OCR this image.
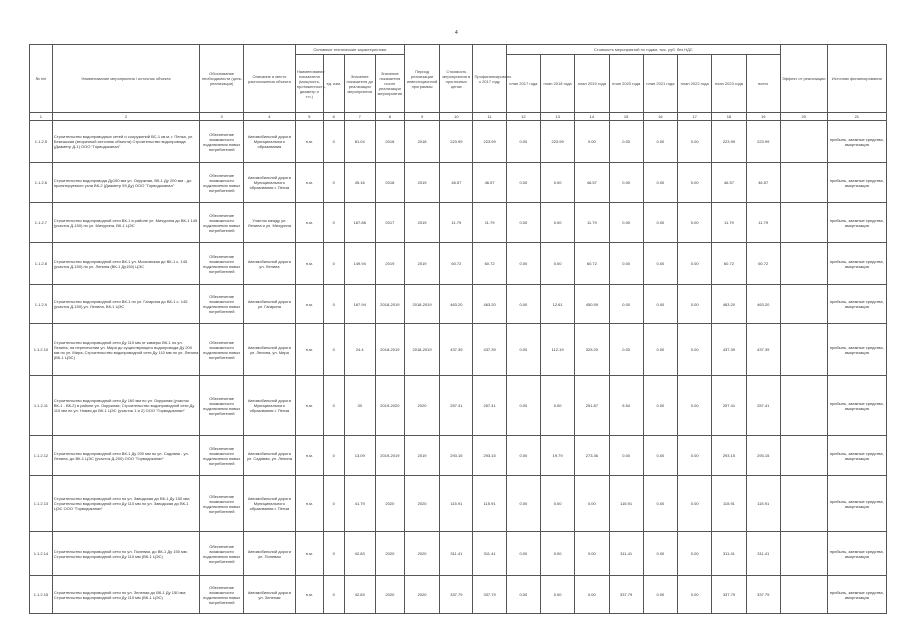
4
№ п/п	Наименование мероприятия / источник объекта	Обоснование необходимости (цель реализации)	Описание и место расположения объекта	Основные технические характеристики				Период реализации инвестиционной программы	Стоимость мероприятия в прогнозных ценах	Профинансировано к 2017 году	Стоимость мероприятий по годам, тыс. руб. без НДС								Эффект от реализации	Источник финансирования
				Наименование показателя (мощность, протяженность, диаметр и т.п.)	ед. изм.	Значение показателя до реализации мероприятия	Значение показателя после реализации мероприятия				план 2017 года	план 2018 года	план 2019 года	план 2020 года	план 2021 года	план 2022 года	план 2023 года	всего		
1	2	3	4	5	6	7	8	9	10	11	12	13	14	15	16	17	18	19	20	21
1.1.2.5	Строительство водопроводных сетей и сооружений ВС-1 кв.м, г. Пенза, ул. Бекешская (вторичный источник объекта) Строительство водопровода (Диаметр Д-1) ООО "Горводоканал"	Обеспечение возможности подключения новых потребителей	Автомобильной дороги Муниципального образования	п.м.	0	81.04	2018	2018	223.99	223.99	0.00	223.99	0.00	0.00	0.00	0.00	223.99	223.99		прибыль, заемные средства, амортизация
1.1.2.6	Строительство водопровода Ду150 мм ул. Окружная, ВК-1 Ду 200 мм - до проектируемого узла ВК-2 (Диаметр 59 Ду) ООО "Горводоканал"	Обеспечение возможности подключения новых потребителей	Автомобильной дороги Муниципального образования г. Пенза	п.м.	0	45.16	2018	2019	46.57	46.57	0.00	0.00	46.57	0.00	0.00	0.00	46.57	46.57		прибыль, заемные средства, амортизация
1.1.2.7	Строительство водопроводной сети ВК-1 в районе ул. Мичурина до ВК-1 145 (участок Д-150) по ул. Мичурина, ВК-1 ЦЭС	Обеспечение возможности подключения новых потребителей	Участок между ул. Ленина и ул. Мичурина	п.м.	0	167.88	2017	2019	11.79	11.79	0.00	0.00	11.79	0.00	0.00	0.00	11.79	11.79		прибыль, заемные средства, амортизация
1.1.2.8	Строительство водопроводной сети ВК-1 ул. Московская до ВК-1 с. 145 (участок Д-150) по ул. Ленина (ВК-1 Ду150) ЦЭС	Обеспечение возможности подключения новых потребителей	Автомобильной дороги ул. Ленина	п.м.	0	149.94	2019	2019	60.72	60.72	0.00	0.00	60.72	0.00	0.00	0.00	60.72	60.72		прибыль, заемные средства, амортизация
1.1.2.9	Строительство водопроводной сети ВК-1 по ул. Гагарина до ВК-1 с. 145 (участок Д-150) ул. Ленина, ВК-1 ЦЭС	Обеспечение возможности подключения новых потребителей	Автомобильной дороги ул. Гагарина	п.м.	0	167.94	2018-2019	2018-2019	463.20	463.20	0.00	12.61	450.59	0.00	0.00	0.00	463.20	463.20		прибыль, заемные средства, амортизация
1.1.2.10	Строительство водопроводной сети Ду 110 мм от камеры ВК-1 по ул. Ленина, на пересечении ул. Мира до существующего водопровода Ду 200 мм по ул. Мира; Строительство водопроводной сети Ду 110 мм по ул. Ленина (ВК-1 ЦЭС)	Обеспечение возможности подключения новых потребителей	Автомобильной дороги ул. Ленина, ул. Мира	п.м.	0	24.4	2018-2019	2018-2019	437.39	437.39	0.00	112.19	325.20	0.00	0.00	0.00	437.39	437.39		прибыль, заемные средства, амортизация
1.1.2.11	Строительство водопроводной сети Ду 160 мм по ул. Окружная (участок ВК-1 - ВК-2) в районе ул. Окружная; Строительство водопроводной сети Ду 110 мм по ул. Новая до ВК-1 ЦЭС (участок 1 и 2) ООО "Горводоканал"	Обеспечение возможности подключения новых потребителей	Автомобильной дороги Муниципального образования г. Пенза	п.м.	0	30	2019-2020	2020	257.41	257.41	0.00	0.00	251.87	5.54	0.00	0.00	257.41	257.41		прибыль, заемные средства, амортизация
1.1.2.12	Строительство водопроводной сети ВК-1 Ду 200 мм по ул. Садовая - ул. Ленина, до ВК-1 ЦЭС (участок Д-200) ООО "Горводоканал"	Обеспечение возможности подключения новых потребителей	Автомобильной дороги ул. Садовая, ул. Ленина	п.м.	0	13.09	2019-2019	2019	293.15	293.15	0.00	19.79	273.36	0.00	0.00	0.00	293.15	293.15		прибыль, заемные средства, амортизация
1.1.2.13	Строительство водопроводной сети по ул. Заводская до ВК-1 Ду 150 мм; Строительство водопроводной сети Ду 110 мм по ул. Заводская до ВК-1 ЦЭС ООО "Горводоканал"	Обеспечение возможности подключения новых потребителей	Автомобильной дороги Муниципального образования г. Пенза	п.м.	0	41.79	2020	2020	115.91	115.91	0.00	0.00	0.00	115.91	0.00	0.00	115.91	115.91		прибыль, заемные средства, амортизация
1.1.2.14	Строительство водопроводной сети по ул. Полевая, до ВК-1 Ду 150 мм; Строительство водопроводной сети Ду 110 мм (ВК-1 ЦЭС)	Обеспечение возможности подключения новых потребителей	Автомобильной дороги ул. Полевая	п.м.	0	42.83	2020	2020	311.41	311.41	0.00	0.00	0.00	311.41	0.00	0.00	311.41	311.41		прибыль, заемные средства, амортизация
1.1.2.15	Строительство водопроводной сети по ул. Зеленая до ВК-1 Ду 150 мм; Строительство водопроводной сети Ду 110 мм (ВК-1 ЦЭС)	Обеспечение возможности подключения новых потребителей	Автомобильной дороги ул. Зеленая	п.м.	0	42.83	2020	2020	337.79	337.79	0.00	0.00	0.00	337.79	0.00	0.00	337.79	337.79		прибыль, заемные средства, амортизация
